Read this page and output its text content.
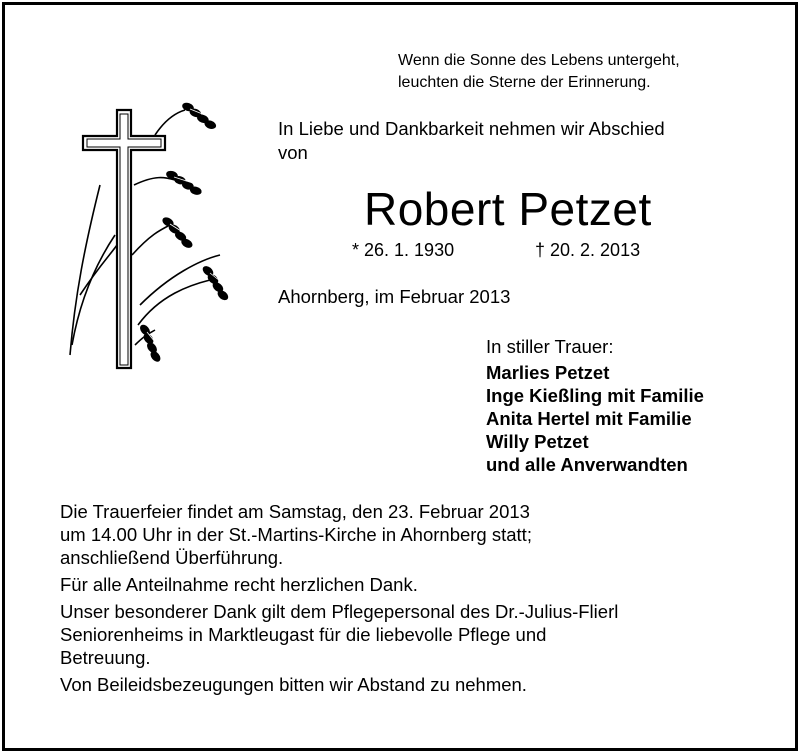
Wenn die Sonne des Lebens untergeht,
leuchten die Sterne der Erinnerung.
In Liebe und Dankbarkeit nehmen wir Abschied
von
Robert Petzet
* 26. 1. 1930	† 20. 2. 2013
Ahornberg, im Februar 2013
In stiller Trauer:
Marlies Petzet
Inge Kießling mit Familie
Anita Hertel mit Familie
Willy Petzet
und alle Anverwandten
Die Trauerfeier findet am Samstag, den 23. Februar 2013
um 14.00 Uhr in der St.-Martins-Kirche in Ahornberg statt;
anschließend Überführung.
Für alle Anteilnahme recht herzlichen Dank.
Unser besonderer Dank gilt dem Pflegepersonal des Dr.-Julius-Flierl
Seniorenheims in Marktleugast für die liebevolle Pflege und
Betreuung.
Von Beileidsbezeugungen bitten wir Abstand zu nehmen.
